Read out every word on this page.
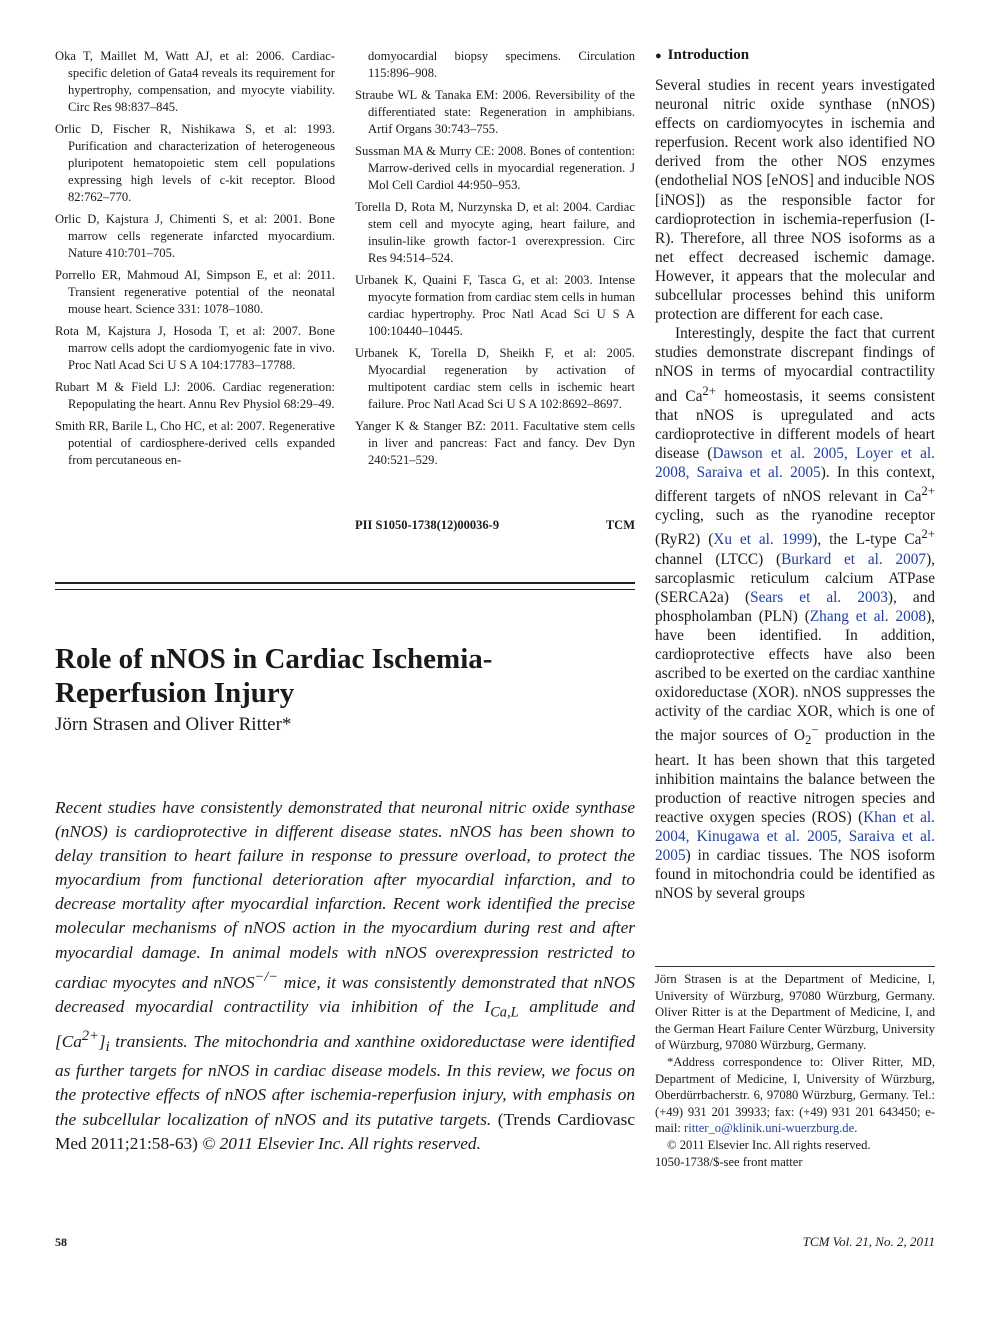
Oka T, Maillet M, Watt AJ, et al: 2006. Cardiac-specific deletion of Gata4 reveals its requirement for hypertrophy, compensation, and myocyte viability. Circ Res 98:837–845.

Orlic D, Fischer R, Nishikawa S, et al: 1993. Purification and characterization of heterogeneous pluripotent hematopoietic stem cell populations expressing high levels of c-kit receptor. Blood 82:762–770.

Orlic D, Kajstura J, Chimenti S, et al: 2001. Bone marrow cells regenerate infarcted myocardium. Nature 410:701–705.

Porrello ER, Mahmoud AI, Simpson E, et al: 2011. Transient regenerative potential of the neonatal mouse heart. Science 331: 1078–1080.

Rota M, Kajstura J, Hosoda T, et al: 2007. Bone marrow cells adopt the cardiomyogenic fate in vivo. Proc Natl Acad Sci U S A 104:17783–17788.

Rubart M & Field LJ: 2006. Cardiac regeneration: Repopulating the heart. Annu Rev Physiol 68:29–49.

Smith RR, Barile L, Cho HC, et al: 2007. Regenerative potential of cardiosphere-derived cells expanded from percutaneous en-

domyocardial biopsy specimens. Circulation 115:896–908.

Straube WL & Tanaka EM: 2006. Reversibility of the differentiated state: Regeneration in amphibians. Artif Organs 30:743–755.

Sussman MA & Murry CE: 2008. Bones of contention: Marrow-derived cells in myocardial regeneration. J Mol Cell Cardiol 44:950–953.

Torella D, Rota M, Nurzynska D, et al: 2004. Cardiac stem cell and myocyte aging, heart failure, and insulin-like growth factor-1 overexpression. Circ Res 94:514–524.

Urbanek K, Quaini F, Tasca G, et al: 2003. Intense myocyte formation from cardiac stem cells in human cardiac hypertrophy. Proc Natl Acad Sci U S A 100:10440–10445.

Urbanek K, Torella D, Sheikh F, et al: 2005. Myocardial regeneration by activation of multipotent cardiac stem cells in ischemic heart failure. Proc Natl Acad Sci U S A 102:8692–8697.

Yanger K & Stanger BZ: 2011. Facultative stem cells in liver and pancreas: Fact and fancy. Dev Dyn 240:521–529.

PII S1050-1738(12)00036-9	TCM
Role of nNOS in Cardiac Ischemia-
Reperfusion Injury
Jörn Strasen and Oliver Ritter*

Recent studies have consistently demonstrated that neuronal nitric oxide synthase (nNOS) is cardioprotective in different disease states. nNOS has been shown to delay transition to heart failure in response to pressure overload, to protect the myocardium from functional deterioration after myocardial infarction, and to decrease mortality after myocardial infarction. Recent work identified the precise molecular mechanisms of nNOS action in the myocardium during rest and after myocardial damage. In animal models with nNOS overexpression restricted to cardiac myocytes and nNOS−/− mice, it was consistently demonstrated that nNOS decreased myocardial contractility via inhibition of the $I_{Ca,L}$ amplitude and $[Ca^{2+}]_i$ transients. The mitochondria and xanthine oxidoreductase were identified as further targets for nNOS in cardiac disease models. In this review, we focus on the protective effects of nNOS after ischemia-reperfusion injury, with emphasis on the subcellular localization of nNOS and its putative targets. (Trends Cardiovasc Med 2011;21:58-63) © 2011 Elsevier Inc. All rights reserved.

● Introduction

Several studies in recent years investigated neuronal nitric oxide synthase (nNOS) effects on cardiomyocytes in ischemia and reperfusion. Recent work also identified NO derived from the other NOS enzymes (endothelial NOS [eNOS] and inducible NOS [iNOS]) as the responsible factor for cardioprotection in ischemia-reperfusion (I-R). Therefore, all three NOS isoforms as a net effect decreased ischemic damage. However, it appears that the molecular and subcellular processes behind this uniform protection are different for each case.

Interestingly, despite the fact that current studies demonstrate discrepant findings of nNOS in terms of myocardial contractility and $Ca^{2+}$ homeostasis, it seems consistent that nNOS is upregulated and acts cardioprotective in different models of heart disease (Dawson et al. 2005, Loyer et al. 2008, Saraiva et al. 2005). In this context, different targets of nNOS relevant in $Ca^{2+}$ cycling, such as the ryanodine receptor (RyR2) (Xu et al. 1999), the L-type $Ca^{2+}$ channel (LTCC) (Burkard et al. 2007), sarcoplasmic reticulum calcium ATPase (SERCA2a) (Sears et al. 2003), and phospholamban (PLN) (Zhang et al. 2008), have been identified. In addition, cardioprotective effects have also been ascribed to be exerted on the cardiac xanthine oxidoreductase (XOR). nNOS suppresses the activity of the cardiac XOR, which is one of the major sources of $O_2^-$ production in the heart. It has been shown that this targeted inhibition maintains the balance between the production of reactive nitrogen species and reactive oxygen species (ROS) (Khan et al. 2004, Kinugawa et al. 2005, Saraiva et al. 2005) in cardiac tissues. The NOS isoform found in mitochondria could be identified as nNOS by several groups

Jörn Strasen is at the Department of Medicine, I, University of Würzburg, 97080 Würzburg, Germany. Oliver Ritter is at the Department of Medicine, I, and the German Heart Failure Center Würzburg, University of Würzburg, 97080 Würzburg, Germany.

*Address correspondence to: Oliver Ritter, MD, Department of Medicine, I, University of Würzburg, Oberdürrbacherstr. 6, 97080 Würzburg, Germany. Tel.: (+49) 931 201 39933; fax: (+49) 931 201 643450; e-mail: ritter_o@klinik.uni-wuerzburg.de.

© 2011 Elsevier Inc. All rights reserved.

1050-1738/$-see front matter

58	TCM Vol. 21, No. 2, 2011
